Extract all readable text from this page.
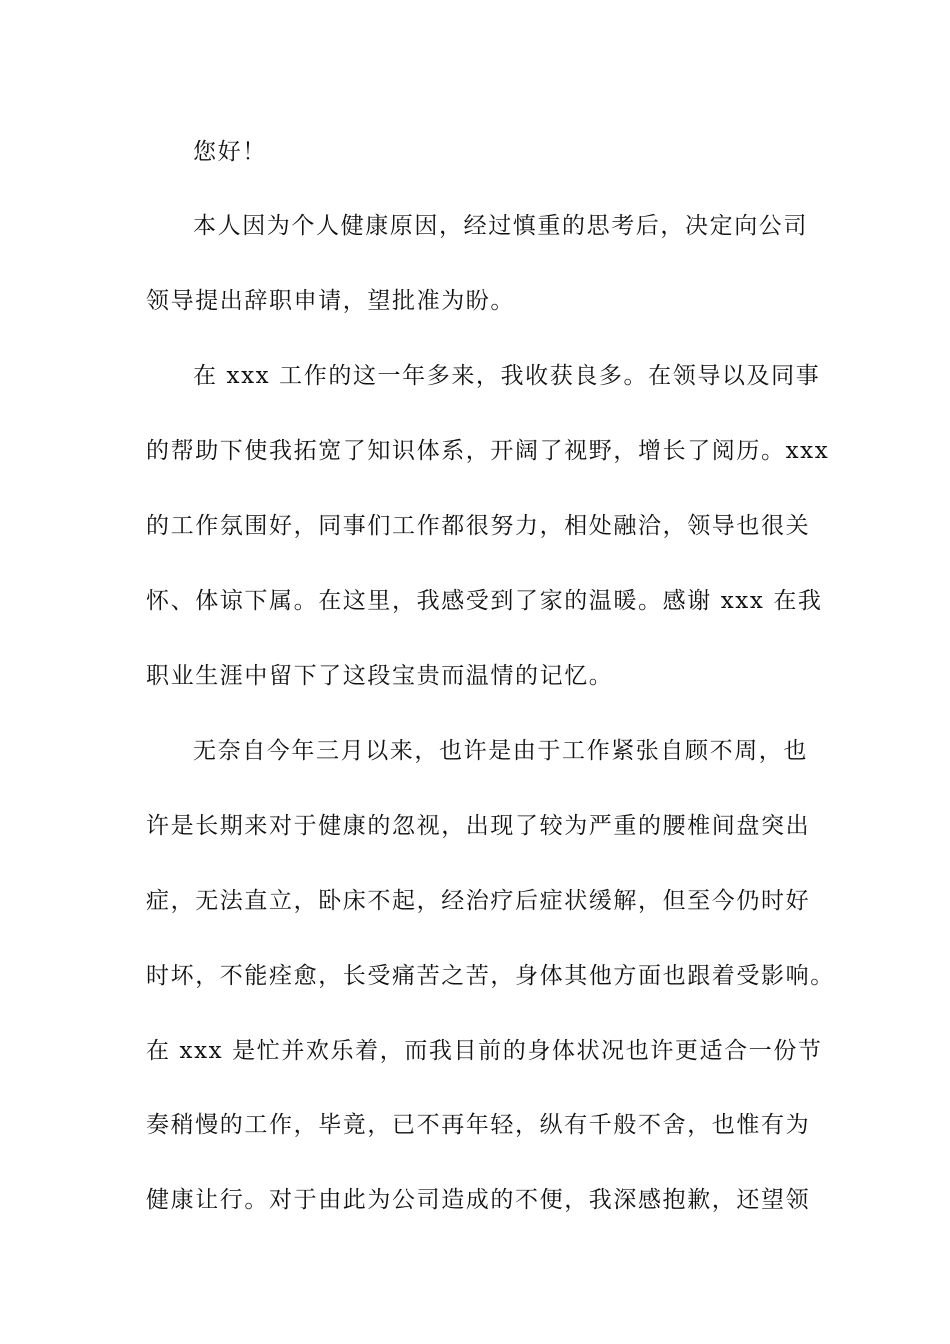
您好！
本人因为个人健康原因，经过慎重的思考后，决定向公司
领导提出辞职申请，望批准为盼。
在 xxx 工作的这一年多来，我收获良多。在领导以及同事
的帮助下使我拓宽了知识体系，开阔了视野，增长了阅历。xxx
的工作氛围好，同事们工作都很努力，相处融洽，领导也很关
怀、体谅下属。在这里，我感受到了家的温暖。感谢 xxx 在我
职业生涯中留下了这段宝贵而温情的记忆。
无奈自今年三月以来，也许是由于工作紧张自顾不周，也
许是长期来对于健康的忽视，出现了较为严重的腰椎间盘突出
症，无法直立，卧床不起，经治疗后症状缓解，但至今仍时好
时坏，不能痊愈，长受痛苦之苦，身体其他方面也跟着受影响。
在 xxx 是忙并欢乐着，而我目前的身体状况也许更适合一份节
奏稍慢的工作，毕竟，已不再年轻，纵有千般不舍，也惟有为
健康让行。对于由此为公司造成的不便，我深感抱歉，还望领
